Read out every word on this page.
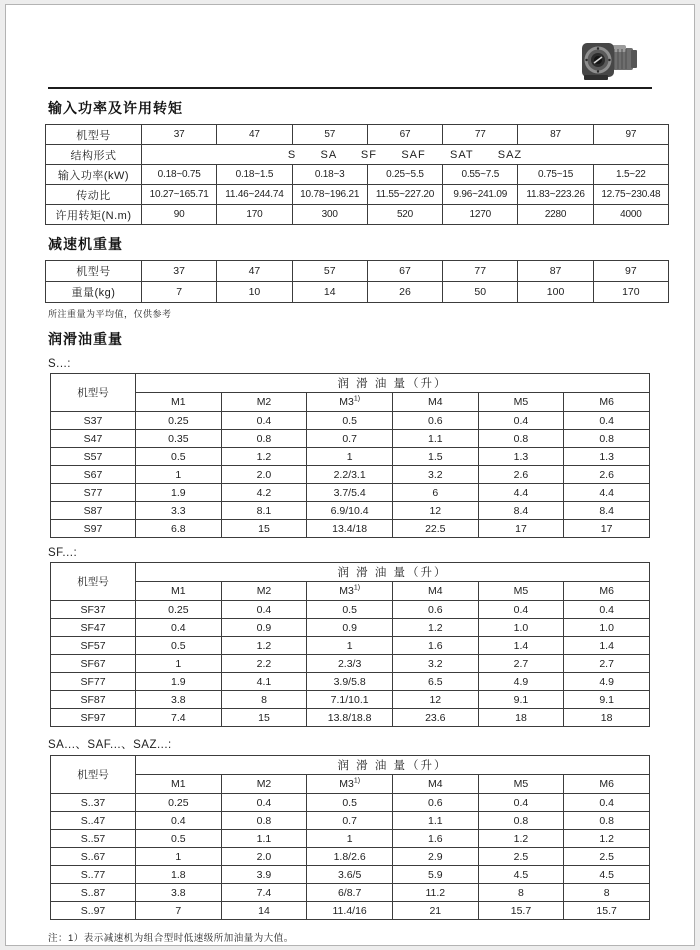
输入功率及许用转矩
机型号	37	47	57	67	77	87	97
结构形式	S      SA      SF      SAF      SAT      SAZ						
输入功率(kW)	0.18~0.75	0.18~1.5	0.18~3	0.25~5.5	0.55~7.5	0.75~15	1.5~22
传动比	10.27~165.71	11.46~244.74	10.78~196.21	11.55~227.20	9.96~241.09	11.83~223.26	12.75~230.48
许用转矩(N.m)	90	170	300	520	1270	2280	4000
减速机重量
机型号	37	47	57	67	77	87	97
重量(kg)	7	10	14	26	50	100	170
所注重量为平均值，仅供参考
润滑油重量
S...:
机型号	润 滑 油 量（升）					
	M1	M2	M3$^{1)}$	M4	M5	M6
S37	0.25	0.4	0.5	0.6	0.4	0.4
S47	0.35	0.8	0.7	1.1	0.8	0.8
S57	0.5	1.2	1	1.5	1.3	1.3
S67	1	2.0	2.2/3.1	3.2	2.6	2.6
S77	1.9	4.2	3.7/5.4	6	4.4	4.4
S87	3.3	8.1	6.9/10.4	12	8.4	8.4
S97	6.8	15	13.4/18	22.5	17	17
SF...:
机型号	润 滑 油 量（升）					
	M1	M2	M3$^{1)}$	M4	M5	M6
SF37	0.25	0.4	0.5	0.6	0.4	0.4
SF47	0.4	0.9	0.9	1.2	1.0	1.0
SF57	0.5	1.2	1	1.6	1.4	1.4
SF67	1	2.2	2.3/3	3.2	2.7	2.7
SF77	1.9	4.1	3.9/5.8	6.5	4.9	4.9
SF87	3.8	8	7.1/10.1	12	9.1	9.1
SF97	7.4	15	13.8/18.8	23.6	18	18
SA...、SAF...、SAZ...:
机型号	润 滑 油 量（升）					
	M1	M2	M3$^{1)}$	M4	M5	M6
S..37	0.25	0.4	0.5	0.6	0.4	0.4
S..47	0.4	0.8	0.7	1.1	0.8	0.8
S..57	0.5	1.1	1	1.6	1.2	1.2
S..67	1	2.0	1.8/2.6	2.9	2.5	2.5
S..77	1.8	3.9	3.6/5	5.9	4.5	4.5
S..87	3.8	7.4	6/8.7	11.2	8	8
S..97	7	14	11.4/16	21	15.7	15.7
注：1）表示减速机为组合型时低速级所加油量为大值。
